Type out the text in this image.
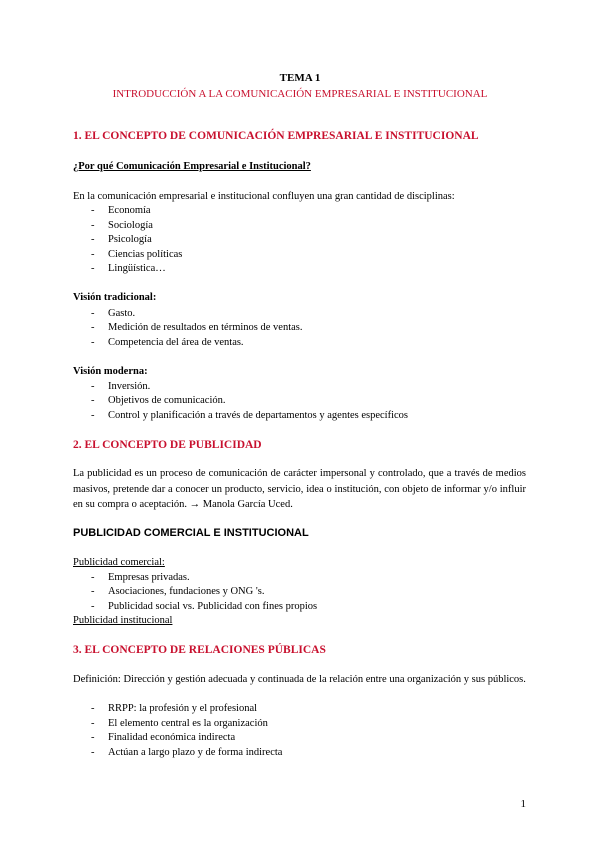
TEMA 1
INTRODUCCIÓN A LA COMUNICACIÓN EMPRESARIAL E INSTITUCIONAL
1. EL CONCEPTO DE COMUNICACIÓN EMPRESARIAL E INSTITUCIONAL
¿Por qué Comunicación Empresarial e Institucional?
En la comunicación empresarial e institucional confluyen una gran cantidad de disciplinas:
- Economía
- Sociología
- Psicología
- Ciencias políticas
- Lingüística…
Visión tradicional:
- Gasto.
- Medición de resultados en términos de ventas.
- Competencia del área de ventas.
Visión moderna:
- Inversión.
- Objetivos de comunicación.
- Control y planificación a través de departamentos y agentes específicos
2. EL CONCEPTO DE PUBLICIDAD
La publicidad es un proceso de comunicación de carácter impersonal y controlado, que a través de medios masivos, pretende dar a conocer un producto, servicio, idea o institución, con objeto de informar y/o influir en su compra o aceptación. → Manola García Uced.
PUBLICIDAD COMERCIAL E INSTITUCIONAL
Publicidad comercial:
- Empresas privadas.
- Asociaciones, fundaciones y ONG 's.
- Publicidad social vs. Publicidad con fines propios
Publicidad institucional
3. EL CONCEPTO DE RELACIONES PÚBLICAS
Definición: Dirección y gestión adecuada y continuada de la relación entre una organización y sus públicos.
- RRPP: la profesión y el profesional
- El elemento central es la organización
- Finalidad económica indirecta
- Actúan a largo plazo y de forma indirecta
1
